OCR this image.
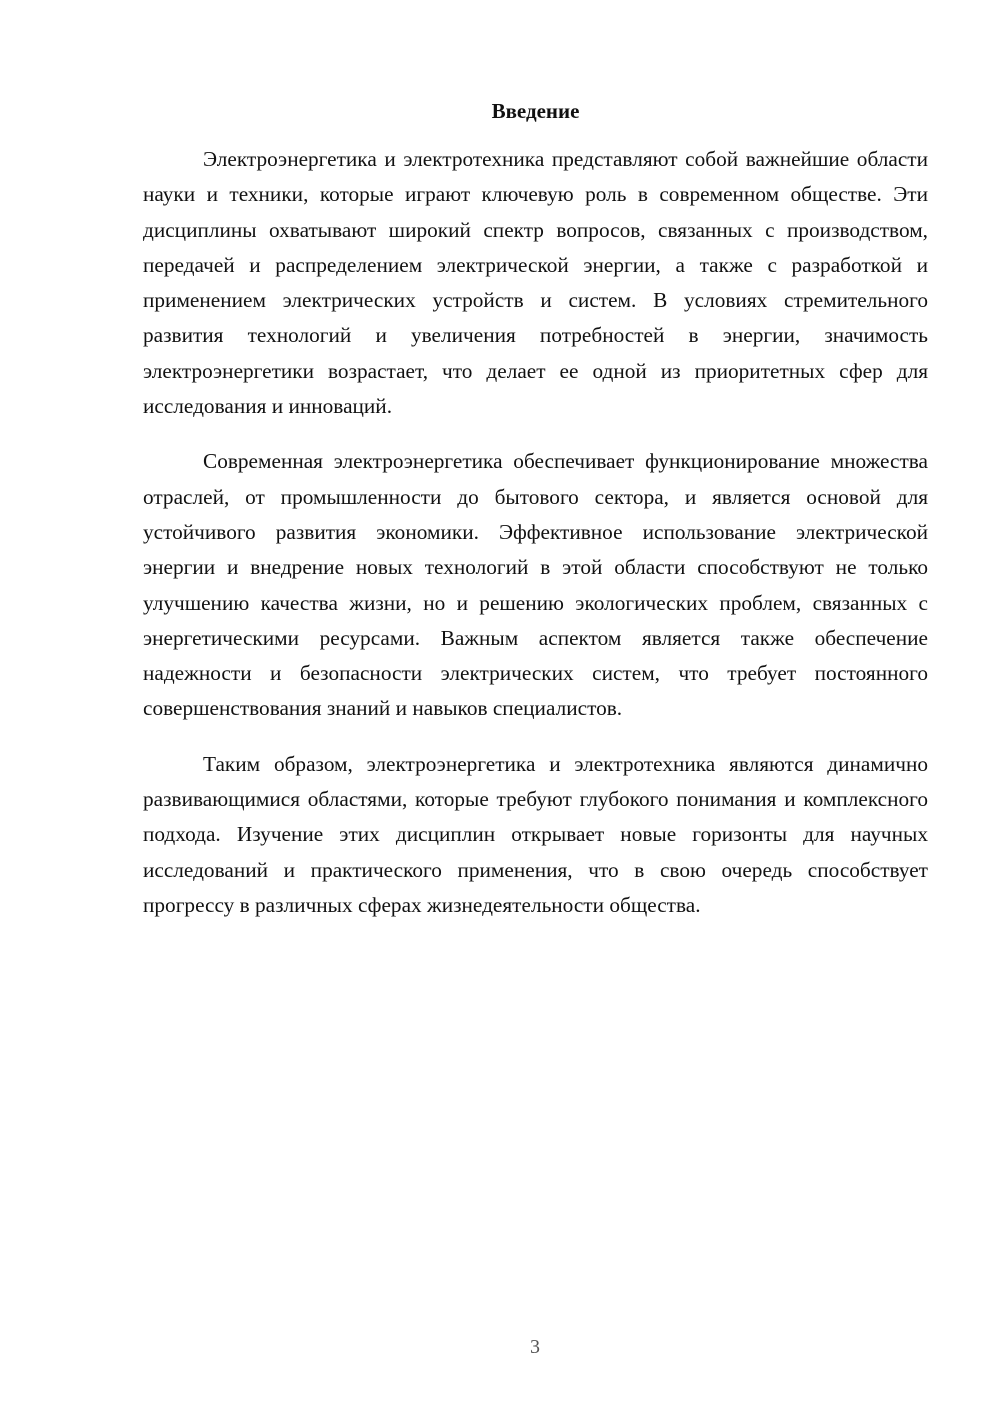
Введение

Электроэнергетика и электротехника представляют собой важнейшие области науки и техники, которые играют ключевую роль в современном обществе. Эти дисциплины охватывают широкий спектр вопросов, связанных с производством, передачей и распределением электрической энергии, а также с разработкой и применением электрических устройств и систем. В условиях стремительного развития технологий и увеличения потребностей в энергии, значимость электроэнергетики возрастает, что делает ее одной из приоритетных сфер для исследования и инноваций.

Современная электроэнергетика обеспечивает функционирование множества отраслей, от промышленности до бытового сектора, и является основой для устойчивого развития экономики. Эффективное использование электрической энергии и внедрение новых технологий в этой области способствуют не только улучшению качества жизни, но и решению экологических проблем, связанных с энергетическими ресурсами. Важным аспектом является также обеспечение надежности и безопасности электрических систем, что требует постоянного совершенствования знаний и навыков специалистов.

Таким образом, электроэнергетика и электротехника являются динамично развивающимися областями, которые требуют глубокого понимания и комплексного подхода. Изучение этих дисциплин открывает новые горизонты для научных исследований и практического применения, что в свою очередь способствует прогрессу в различных сферах жизнедеятельности общества.

3
